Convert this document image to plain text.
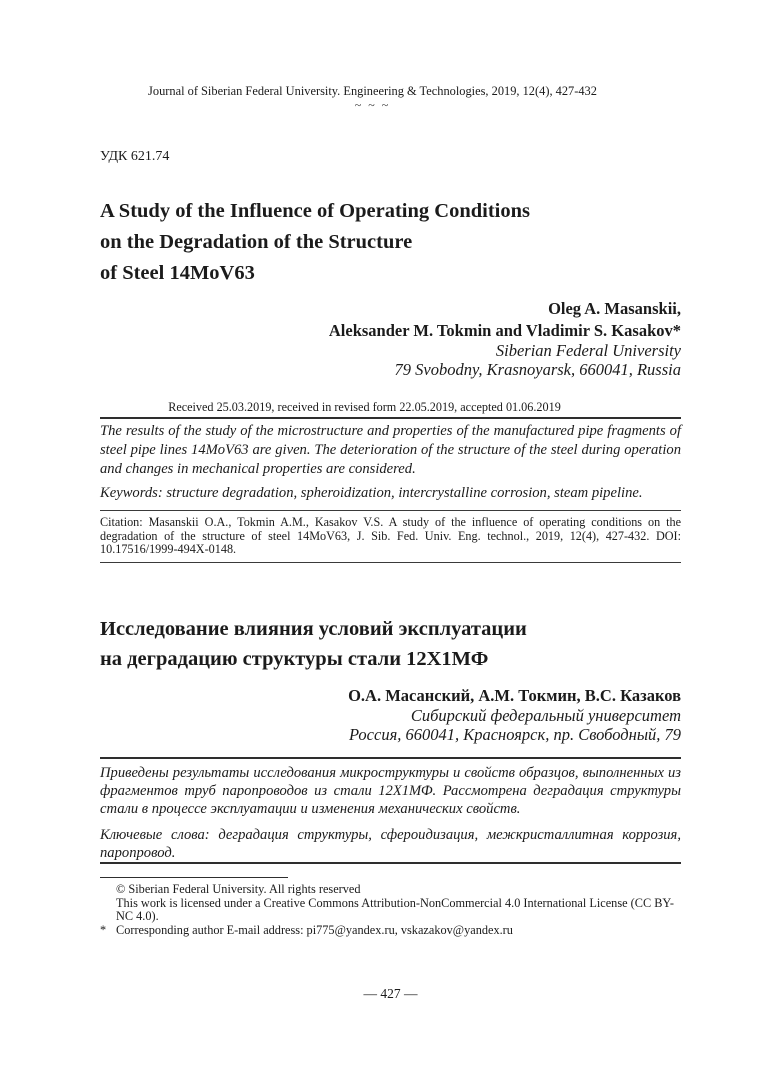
Journal of Siberian Federal University. Engineering & Technologies, 2019, 12(4), 427-432
~ ~ ~
УДК 621.74
A Study of the Influence of Operating Conditions
on the Degradation of the Structure
of Steel 14MoV63
Oleg A. Masanskii,
Aleksander M. Tokmin and Vladimir S. Kasakov*
Siberian Federal University
79 Svobodny, Krasnoyarsk, 660041, Russia
Received 25.03.2019, received in revised form 22.05.2019, accepted 01.06.2019

The results of the study of the microstructure and properties of the manufactured pipe fragments of steel pipe lines 14MoV63 are given. The deterioration of the structure of the steel during operation and changes in mechanical properties are considered.

Keywords: structure degradation, spheroidization, intercrystalline corrosion, steam pipeline.

Citation: Masanskii O.A., Tokmin A.M., Kasakov V.S. A study of the influence of operating conditions on the degradation of the structure of steel 14MoV63, J. Sib. Fed. Univ. Eng. technol., 2019, 12(4), 427-432. DOI: 10.17516/1999-494X-0148.
Исследование влияния условий эксплуатации
на деградацию структуры стали 12Х1МФ
О.А. Масанский, А.М. Токмин, В.С. Казаков
Сибирский федеральный университет
Россия, 660041, Красноярск, пр. Свободный, 79

Приведены результаты исследования микроструктуры и свойств образцов, выполненных из фрагментов труб паропроводов из стали 12Х1МФ. Рассмотрена деградация структуры стали в процессе эксплуатации и изменения механических свойств.

Ключевые слова: деградация структуры, сфероидизация, межкристаллитная коррозия, паропровод.

© Siberian Federal University. All rights reserved
This work is licensed under a Creative Commons Attribution-NonCommercial 4.0 International License (CC BY-NC 4.0).
* Corresponding author E-mail address: pi775@yandex.ru, vskazakov@yandex.ru
— 427 —
